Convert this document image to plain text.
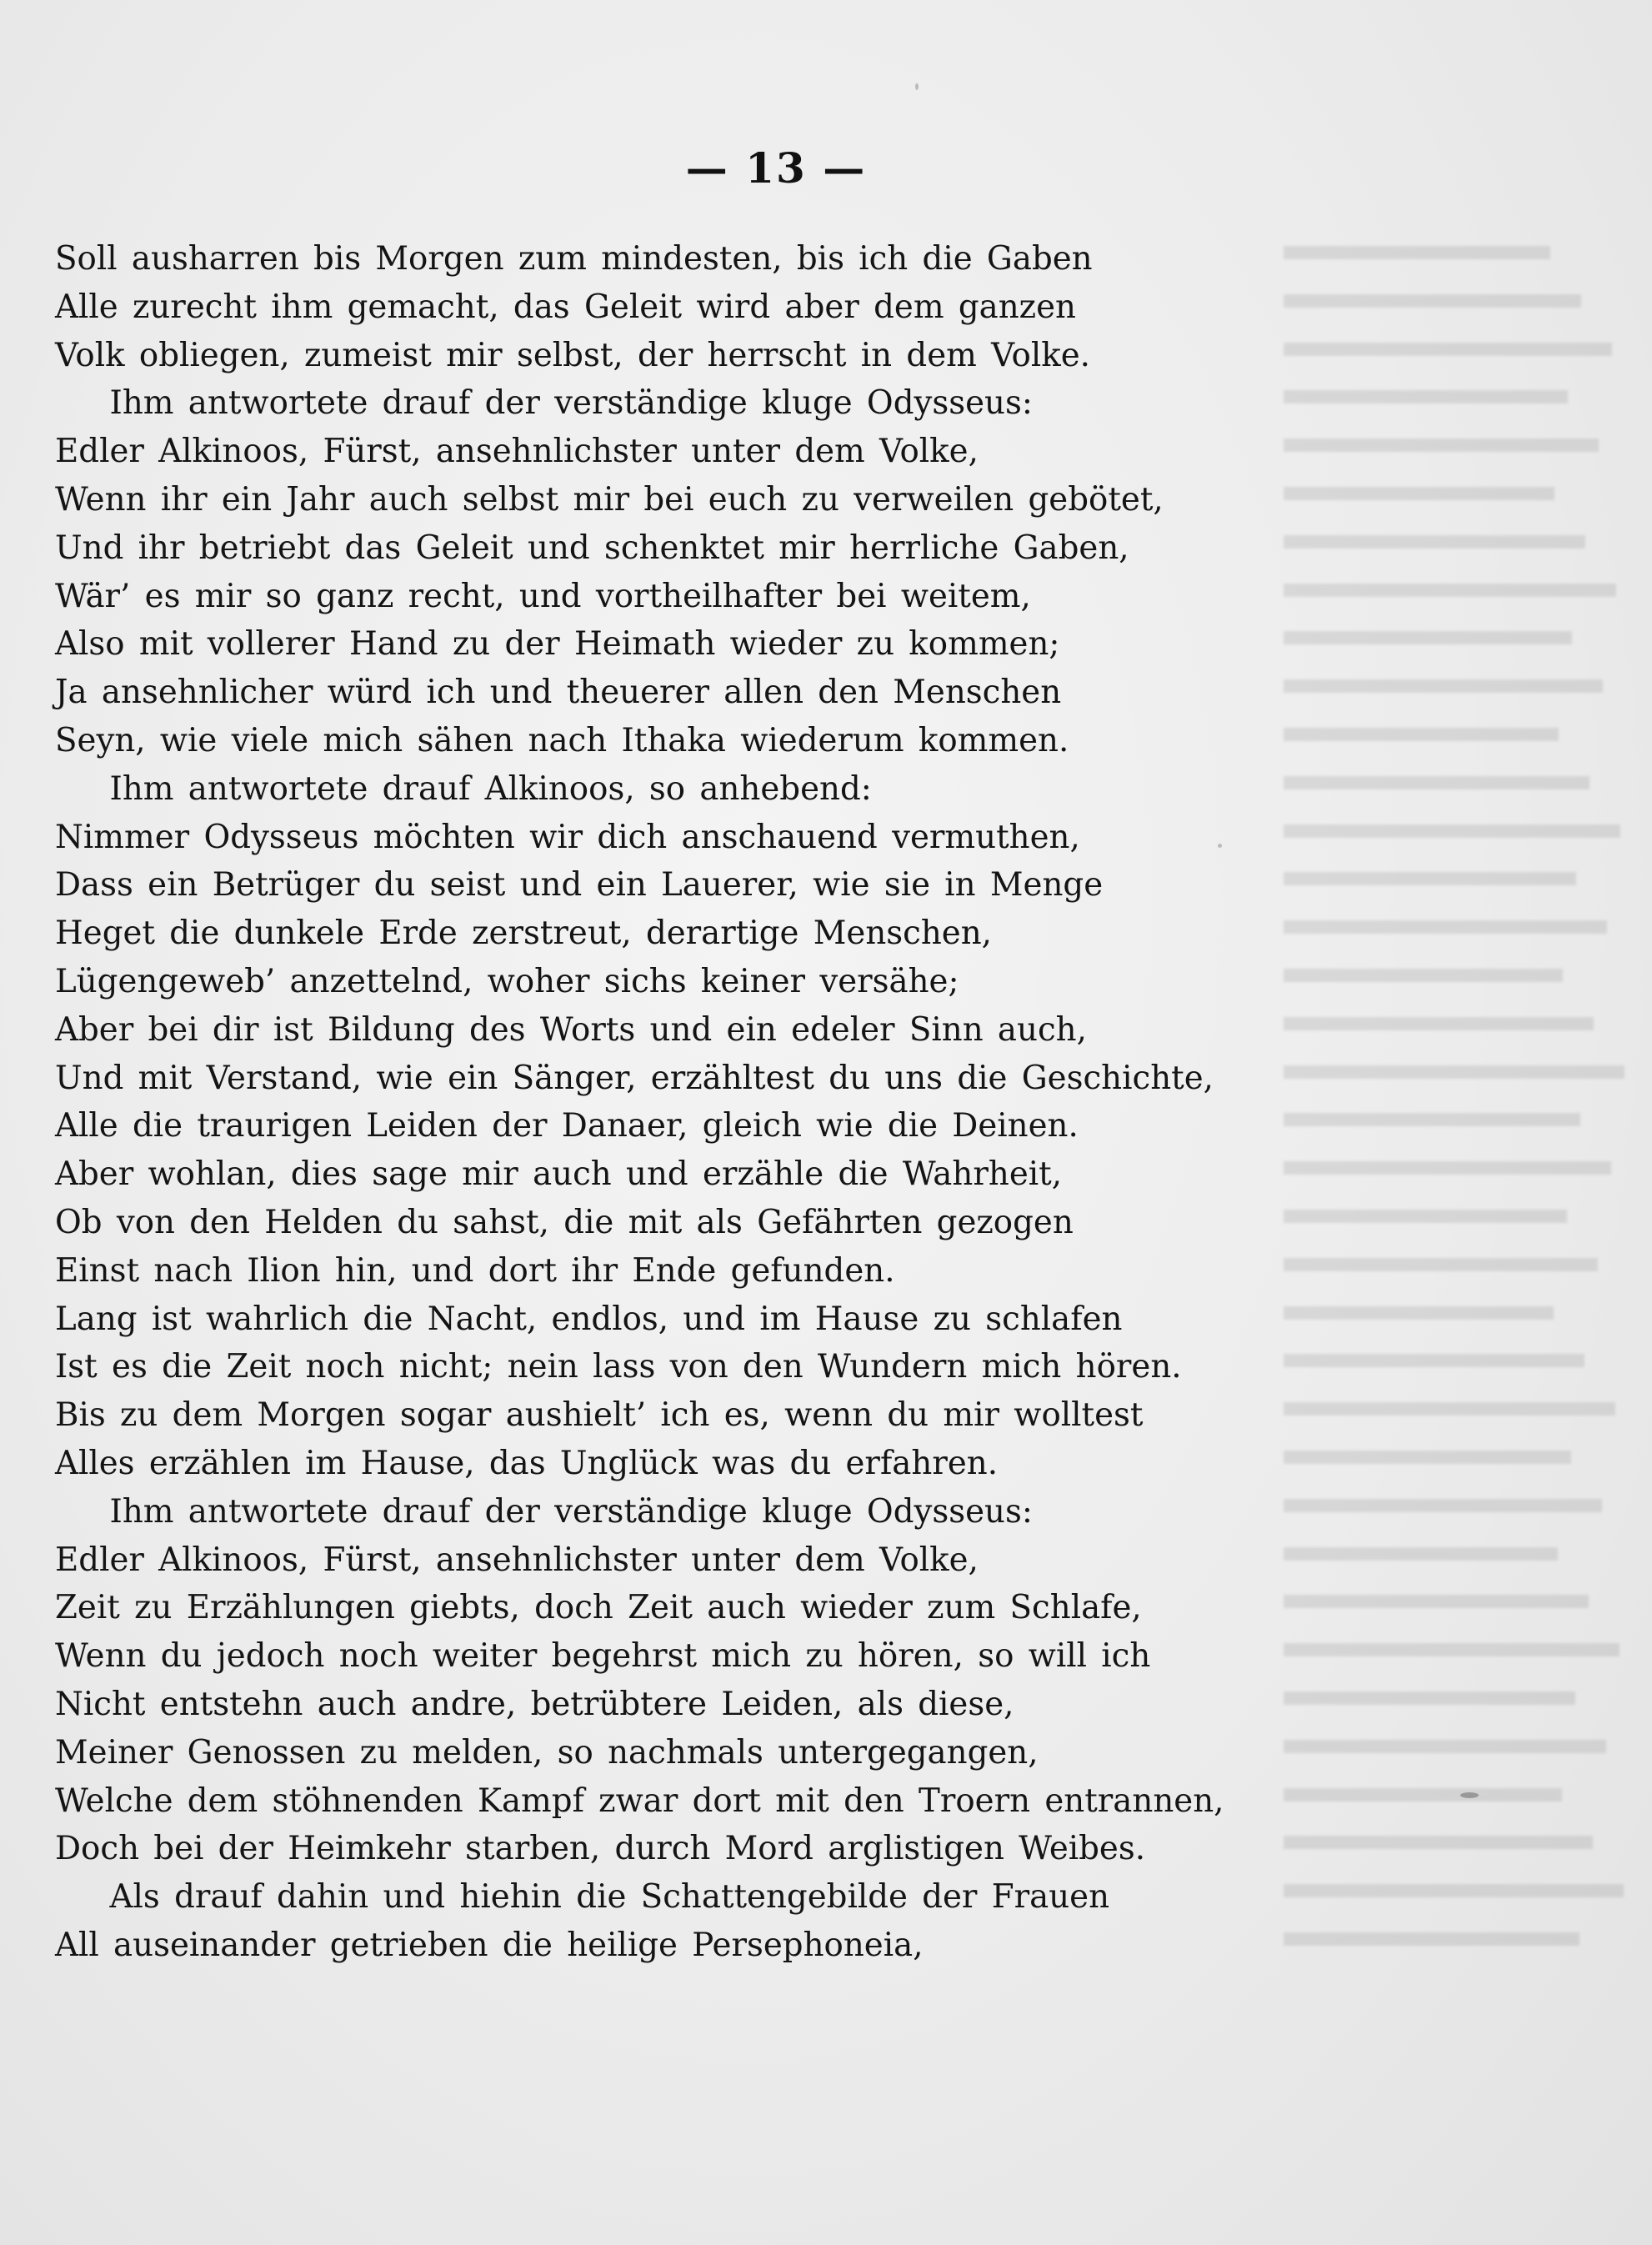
— 13 —
Soll ausharren bis Morgen zum mindesten, bis ich die Gaben
Alle zurecht ihm gemacht, das Geleit wird aber dem ganzen
Volk obliegen, zumeist mir selbst, der herrscht in dem Volke.
Ihm antwortete drauf der verständige kluge Odysseus:
Edler Alkinoos, Fürst, ansehnlichster unter dem Volke,
Wenn ihr ein Jahr auch selbst mir bei euch zu verweilen gebötet,
Und ihr betriebt das Geleit und schenktet mir herrliche Gaben,
Wär’ es mir so ganz recht, und vortheilhafter bei weitem,
Also mit vollerer Hand zu der Heimath wieder zu kommen;
Ja ansehnlicher würd ich und theuerer allen den Menschen
Seyn, wie viele mich sähen nach Ithaka wiederum kommen.
Ihm antwortete drauf Alkinoos, so anhebend:
Nimmer Odysseus möchten wir dich anschauend vermuthen,
Dass ein Betrüger du seist und ein Lauerer, wie sie in Menge
Heget die dunkele Erde zerstreut, derartige Menschen,
Lügengeweb’ anzettelnd, woher sichs keiner versähe;
Aber bei dir ist Bildung des Worts und ein edeler Sinn auch,
Und mit Verstand, wie ein Sänger, erzähltest du uns die Geschichte,
Alle die traurigen Leiden der Danaer, gleich wie die Deinen.
Aber wohlan, dies sage mir auch und erzähle die Wahrheit,
Ob von den Helden du sahst, die mit als Gefährten gezogen
Einst nach Ilion hin, und dort ihr Ende gefunden.
Lang ist wahrlich die Nacht, endlos, und im Hause zu schlafen
Ist es die Zeit noch nicht; nein lass von den Wundern mich hören.
Bis zu dem Morgen sogar aushielt’ ich es, wenn du mir wolltest
Alles erzählen im Hause, das Unglück was du erfahren.
Ihm antwortete drauf der verständige kluge Odysseus:
Edler Alkinoos, Fürst, ansehnlichster unter dem Volke,
Zeit zu Erzählungen giebts, doch Zeit auch wieder zum Schlafe,
Wenn du jedoch noch weiter begehrst mich zu hören, so will ich
Nicht entstehn auch andre, betrübtere Leiden, als diese,
Meiner Genossen zu melden, so nachmals untergegangen,
Welche dem stöhnenden Kampf zwar dort mit den Troern entrannen,
Doch bei der Heimkehr starben, durch Mord arglistigen Weibes.
Als drauf dahin und hiehin die Schattengebilde der Frauen
All auseinander getrieben die heilige Persephoneia,
